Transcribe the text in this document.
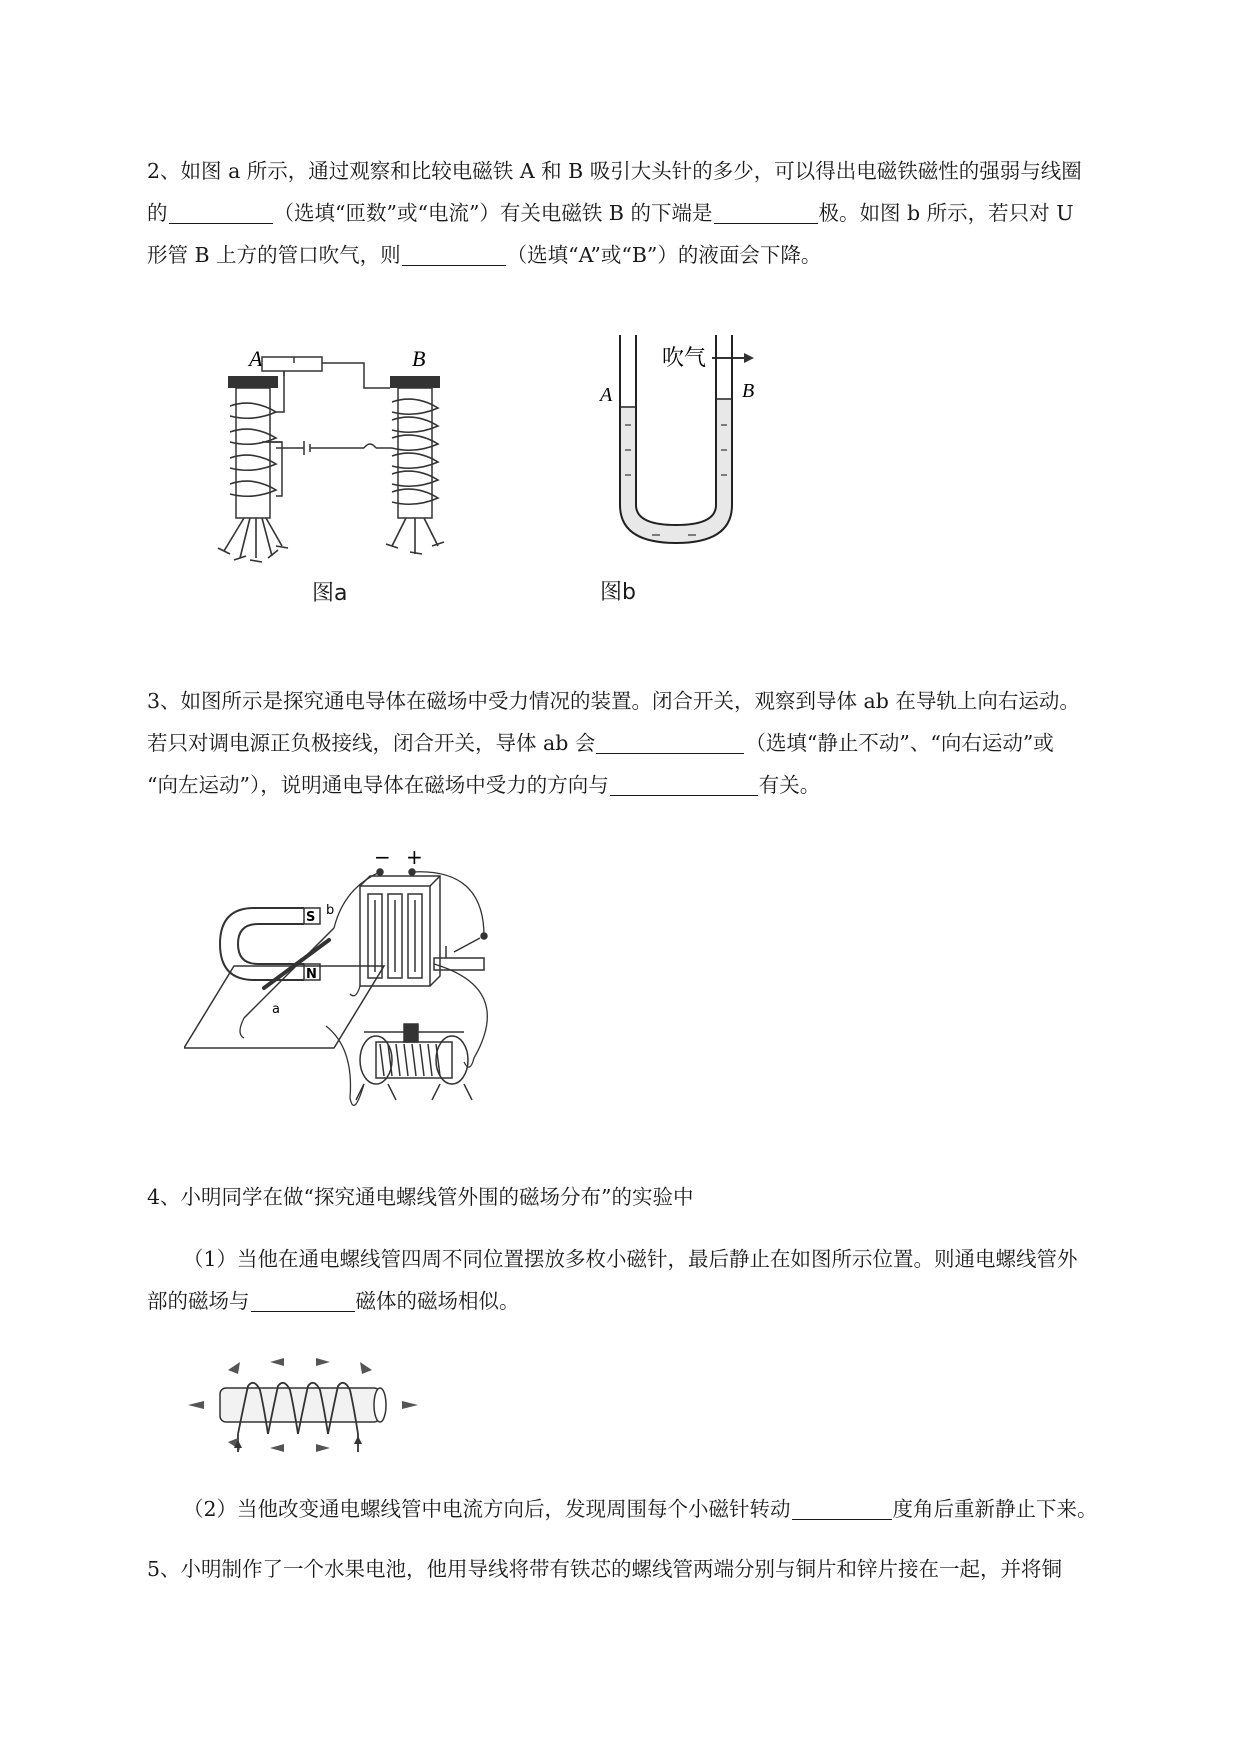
2、如图 a 所示，通过观察和比较电磁铁 A 和 B 吸引大头针的多少，可以得出电磁铁磁性的强弱与线圈

的	（选填“匝数”或“电流”）有关电磁铁 B 的下端是	极。如图 b 所示，若只对 U

形管 B 上方的管口吹气，则	（选填“A”或“B”）的液面会下降。

A	B
图a
吹气
A	B
图b

3、如图所示是探究通电导体在磁场中受力情况的装置。闭合开关，观察到导体 ab 在导轨上向右运动。

若只对调电源正负极接线，闭合开关，导体 ab 会	（选填“静止不动”、“向右运动”或

“向左运动”），说明通电导体在磁场中受力的方向与	有关。

S
N
a
b
− +

4、小明同学在做“探究通电螺线管外围的磁场分布”的实验中

（1）当他在通电螺线管四周不同位置摆放多枚小磁针，最后静止在如图所示位置。则通电螺线管外

部的磁场与	磁体的磁场相似。

（2）当他改变通电螺线管中电流方向后，发现周围每个小磁针转动	度角后重新静止下来。

5、小明制作了一个水果电池，他用导线将带有铁芯的螺线管两端分别与铜片和锌片接在一起，并将铜
